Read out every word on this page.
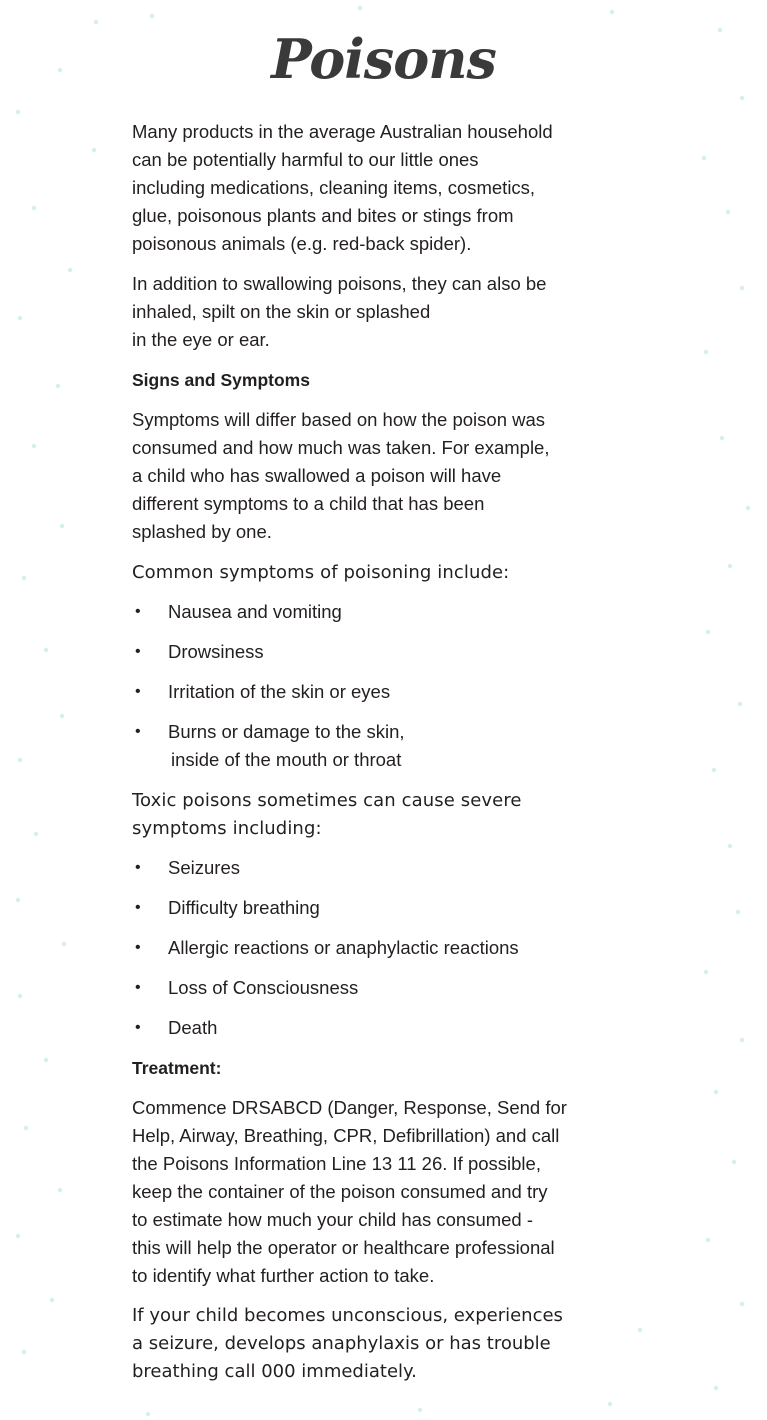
Poisons
Many products in the average Australian household
can be potentially harmful to our little ones
including medications, cleaning items, cosmetics,
glue, poisonous plants and bites or stings from
poisonous animals (e.g. red-back spider).
In addition to swallowing poisons, they can also be
inhaled, spilt on the skin or splashed
in the eye or ear.
Signs and Symptoms
Symptoms will differ based on how the poison was
consumed and how much was taken. For example,
a child who has swallowed a poison will have
different symptoms to a child that has been
splashed by one.
Common symptoms of poisoning include:
• Nausea and vomiting
• Drowsiness
• Irritation of the skin or eyes
• Burns or damage to the skin,
inside of the mouth or throat
Toxic poisons sometimes can cause severe
symptoms including:
• Seizures
• Difficulty breathing
• Allergic reactions or anaphylactic reactions
• Loss of Consciousness
• Death
Treatment:
Commence DRSABCD (Danger, Response, Send for
Help, Airway, Breathing, CPR, Defibrillation) and call
the Poisons Information Line 13 11 26. If possible,
keep the container of the poison consumed and try
to estimate how much your child has consumed -
this will help the operator or healthcare professional
to identify what further action to take.
If your child becomes unconscious, experiences
a seizure, develops anaphylaxis or has trouble
breathing call 000 immediately.
